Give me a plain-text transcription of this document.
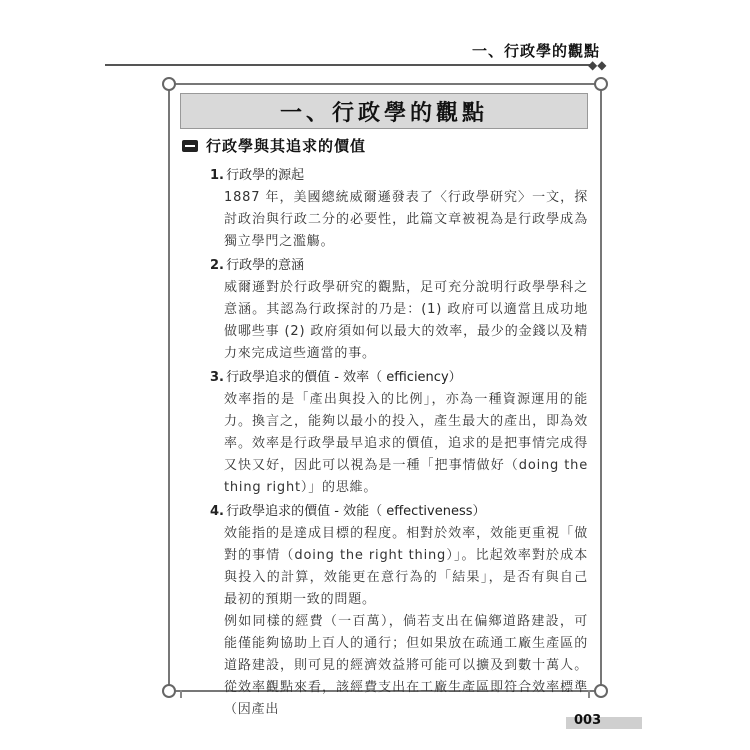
一、行政學的觀點
◆◆
一、行政學的觀點
行政學與其追求的價值
1. 行政學的源起
1887 年，美國總統威爾遜發表了〈行政學研究〉一文，探討政治與行政二分的必要性，此篇文章被視為是行政學成為獨立學門之濫觴。
2. 行政學的意涵
威爾遜對於行政學研究的觀點，足可充分說明行政學學科之意涵。其認為行政探討的乃是：(1) 政府可以適當且成功地做哪些事 (2) 政府須如何以最大的效率，最少的金錢以及精力來完成這些適當的事。
3. 行政學追求的價值 - 效率（ efficiency）
效率指的是「產出與投入的比例」，亦為一種資源運用的能力。換言之，能夠以最小的投入，產生最大的產出，即為效率。效率是行政學最早追求的價值，追求的是把事情完成得又快又好，因此可以視為是一種「把事情做好（doing the thing right）」的思維。
4. 行政學追求的價值 - 效能（ effectiveness）
效能指的是達成目標的程度。相對於效率，效能更重視「做對的事情（doing the right thing）」。比起效率對於成本與投入的計算，效能更在意行為的「結果」，是否有與自己最初的預期一致的問題。
例如同樣的經費（一百萬），倘若支出在偏鄉道路建設，可能僅能夠協助上百人的通行；但如果放在疏通工廠生產區的道路建設，則可見的經濟效益將可能可以擴及到數十萬人。從效率觀點來看，該經費支出在工廠生產區即符合效率標準（因產出
003
